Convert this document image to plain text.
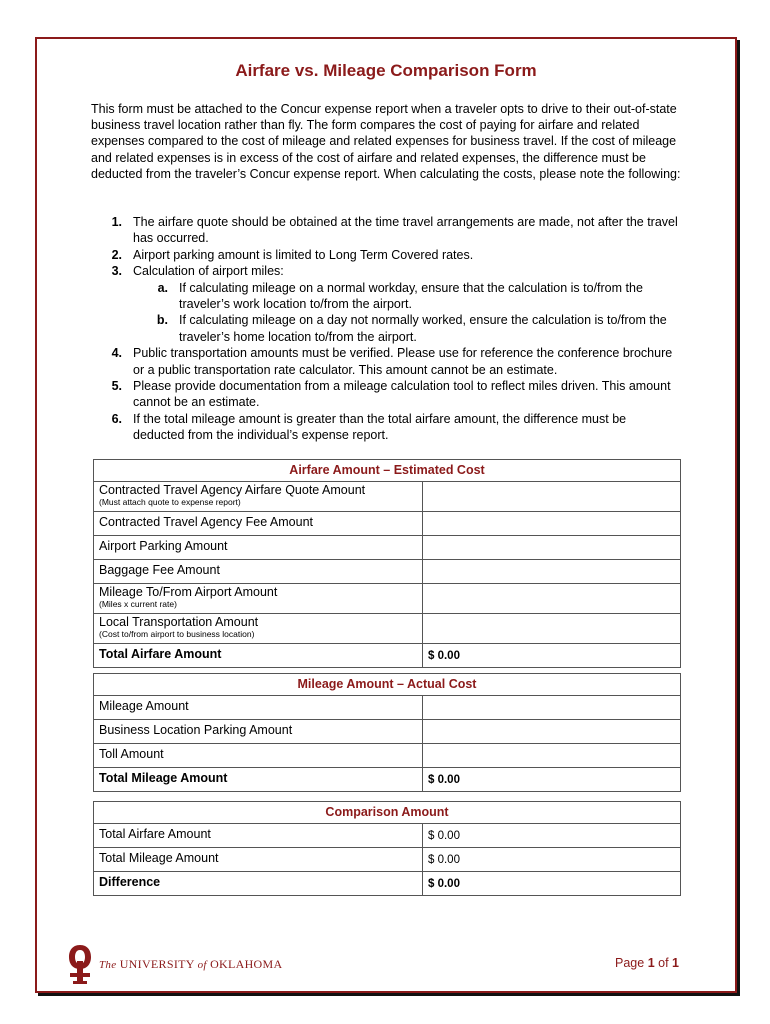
Airfare vs. Mileage Comparison Form
This form must be attached to the Concur expense report when a traveler opts to drive to their out-of-state business travel location rather than fly. The form compares the cost of paying for airfare and related expenses compared to the cost of mileage and related expenses for business travel. If the cost of mileage and related expenses is in excess of the cost of airfare and related expenses, the difference must be deducted from the traveler’s Concur expense report. When calculating the costs, please note the following:
1. The airfare quote should be obtained at the time travel arrangements are made, not after the travel has occurred.
2. Airport parking amount is limited to Long Term Covered rates.
3. Calculation of airport miles:
a. If calculating mileage on a normal workday, ensure that the calculation is to/from the traveler’s work location to/from the airport.
b. If calculating mileage on a day not normally worked, ensure the calculation is to/from the traveler’s home location to/from the airport.
4. Public transportation amounts must be verified. Please use for reference the conference brochure or a public transportation rate calculator. This amount cannot be an estimate.
5. Please provide documentation from a mileage calculation tool to reflect miles driven. This amount cannot be an estimate.
6. If the total mileage amount is greater than the total airfare amount, the difference must be deducted from the individual’s expense report.
Airfare Amount – Estimated Cost	
Contracted Travel Agency Airfare Quote Amount
(Must attach quote to expense report)	

Contracted Travel Agency Fee Amount	
Airport Parking Amount	
Baggage Fee Amount	
Mileage To/From Airport Amount
(Miles x current rate)	

Local Transportation Amount
(Cost to/from airport to business location)	

Total Airfare Amount	$ 0.00
Mileage Amount – Actual Cost	
Mileage Amount	
Business Location Parking Amount	
Toll Amount	
Total Mileage Amount	$ 0.00
Comparison Amount	
Total Airfare Amount	$ 0.00
Total Mileage Amount	$ 0.00
Difference	$ 0.00
The UNIVERSITY of OKLAHOMA	Page 1 of 1
